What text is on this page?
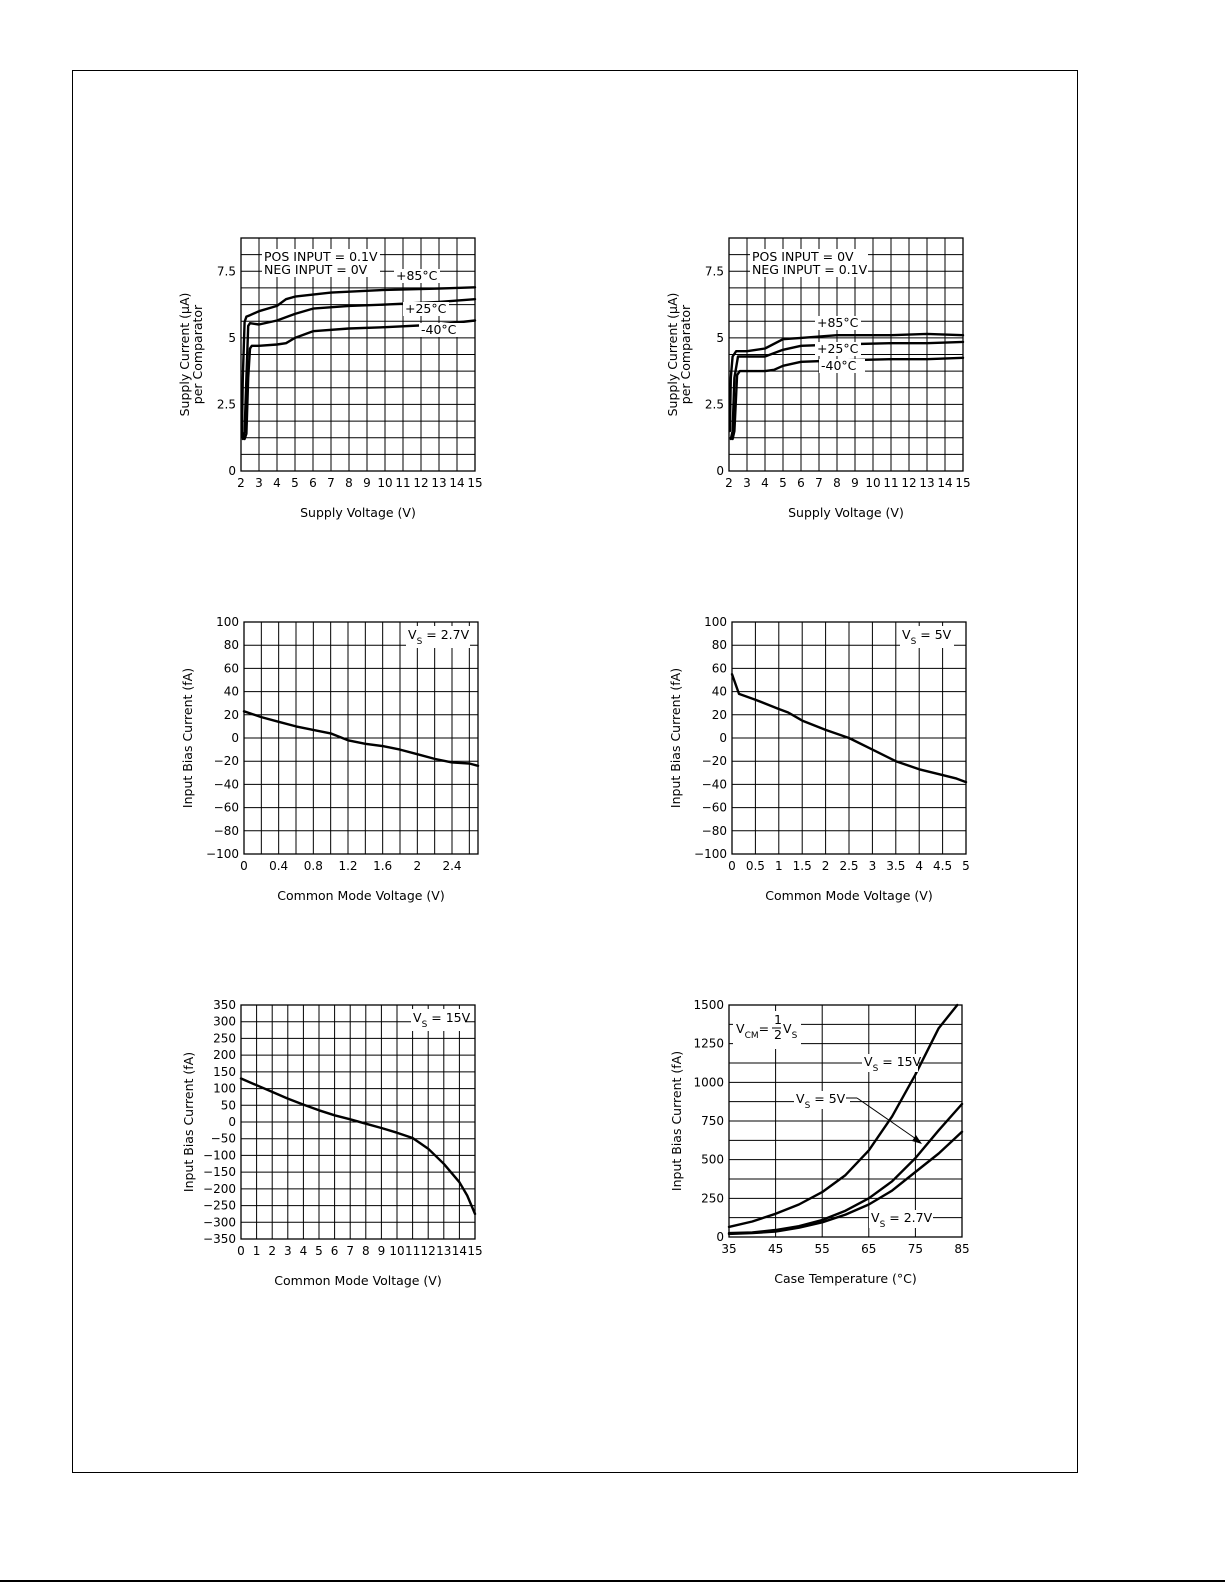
2 3 4 5 6 7 8 9 10 11 12 13 14 15
0
2.5
5
7.5
Supply Voltage (V)
Supply Current (μA)
per Comparator
POS INPUT = 0.1V
NEG INPUT = 0V +85°C
+25°C
-40°C
2 3 4 5 6 7 8 9 10 11 12 13 14 15
0
2.5
5
7.5
Supply Voltage (V)
Supply Current (μA)
per Comparator
POS INPUT = 0V
NEG INPUT = 0.1V
+85°C
+25°C
-40°C
0 0.4 0.8 1.2 1.6 2 2.4
−100
−80
−60
−40
−20
0
20
40
60
80
100
Common Mode Voltage (V)
Input Bias Current (fA)
$V_S = 2.7V$
0 0.5 1 1.5 2 2.5 3 3.5 4 4.5 5
−100
−80
−60
−40
−20
0
20
40
60
80
100
Common Mode Voltage (V)
Input Bias Current (fA)
$V_S = 5V$
0 1 2 3 4 5 6 7 8 9 10 11 12 13 14 15
−350
−300
−250
−200
−150
−100
−50
0
50
100
150
200
250
300
350
Common Mode Voltage (V)
Input Bias Current (fA)
$V_S = 15V$
35	45	55	65	75	85
0
250
500
750
1000
1250
1500
Case Temperature (°C)
Input Bias Current (fA)
$V_{CM}=$
1
2 $V_S$
$V_S = 15V$
$V_S = 5V$
$V_S = 2.7V$
